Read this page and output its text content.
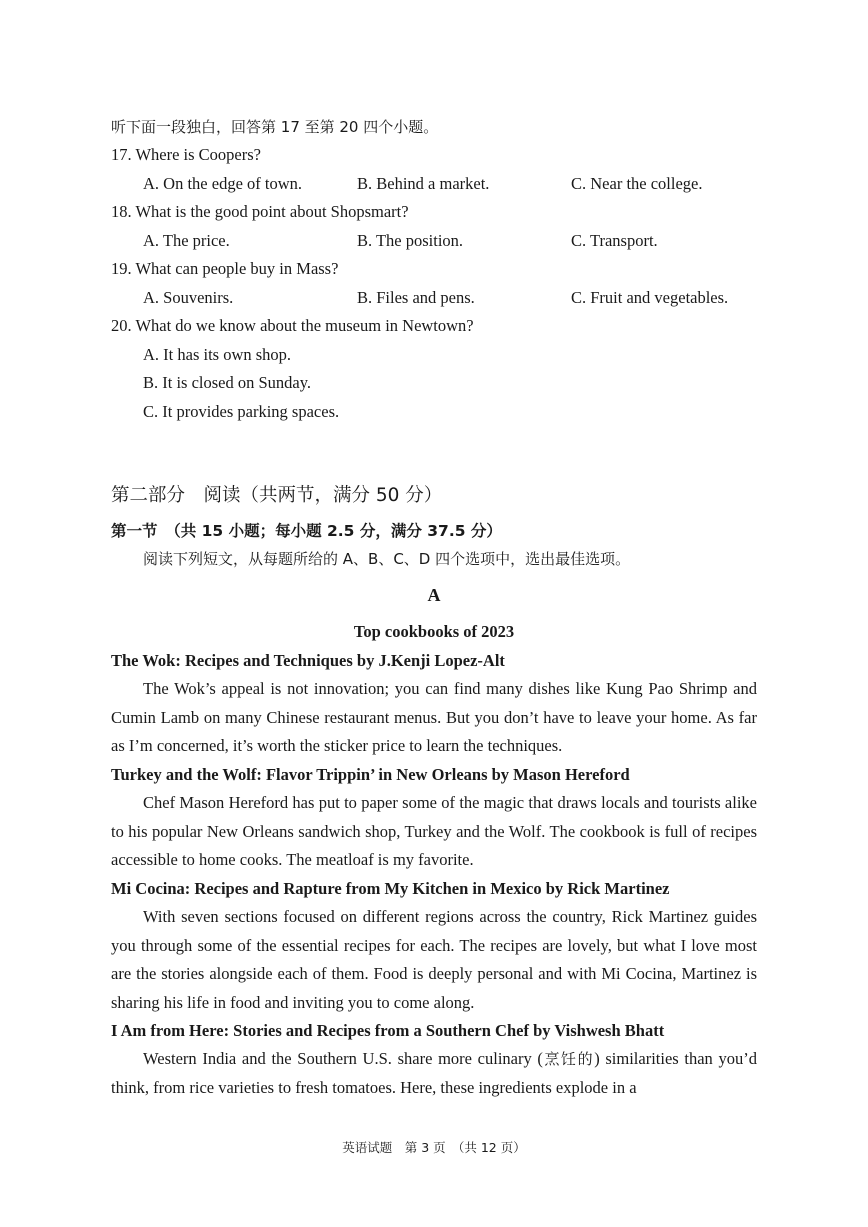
听下面一段独白，回答第 17 至第 20 四个小题。
17. Where is Coopers?
A. On the edge of town.	B. Behind a market.	C. Near the college.
18. What is the good point about Shopsmart?
A. The price.	B. The position.	C. Transport.
19. What can people buy in Mass?
A. Souvenirs.	B. Files and pens.	C. Fruit and vegetables.
20. What do we know about the museum in Newtown?
A. It has its own shop.
B. It is closed on Sunday.
C. It provides parking spaces.
第二部分　阅读（共两节，满分 50 分）
第一节　（共 15 小题；每小题 2.5 分，满分 37.5 分）
阅读下列短文，从每题所给的 A、B、C、D 四个选项中，选出最佳选项。
A
Top cookbooks of 2023
The Wok: Recipes and Techniques by J.Kenji Lopez-Alt

The Wok’s appeal is not innovation; you can find many dishes like Kung Pao Shrimp and Cumin Lamb on many Chinese restaurant menus. But you don’t have to leave your home. As far as I’m concerned, it’s worth the sticker price to learn the techniques.

Turkey and the Wolf: Flavor Trippin’ in New Orleans by Mason Hereford

Chef Mason Hereford has put to paper some of the magic that draws locals and tourists alike to his popular New Orleans sandwich shop, Turkey and the Wolf. The cookbook is full of recipes accessible to home cooks. The meatloaf is my favorite.

Mi Cocina: Recipes and Rapture from My Kitchen in Mexico by Rick Martinez

With seven sections focused on different regions across the country, Rick Martinez guides you through some of the essential recipes for each. The recipes are lovely, but what I love most are the stories alongside each of them. Food is deeply personal and with Mi Cocina, Martinez is sharing his life in food and inviting you to come along.

I Am from Here: Stories and Recipes from a Southern Chef by Vishwesh Bhatt

Western India and the Southern U.S. share more culinary (烹饪的) similarities than you’d think, from rice varieties to fresh tomatoes. Here, these ingredients explode in a

英语试题　第 3 页　（共 12 页）
